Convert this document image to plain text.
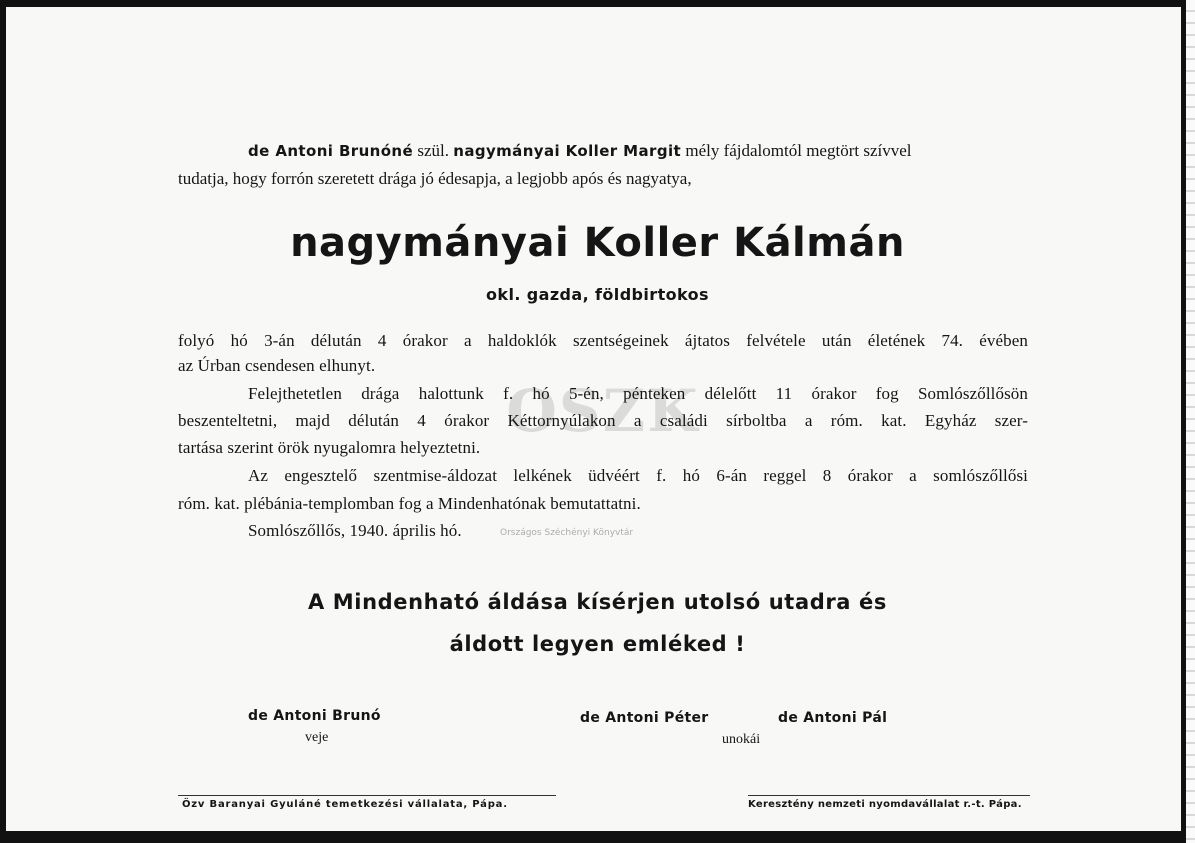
OSZK
Országos Széchényi Könyvtár
de Antoni Brunóné szül. nagymányai Koller Margit mély fájdalomtól megtört szívvel
tudatja, hogy forrón szeretett drága jó édesapja, a legjobb após és nagyatya,
nagymányai Koller Kálmán
okl. gazda, földbirtokos
folyó hó 3-án délután 4 órakor a haldoklók szentségeinek ájtatos felvétele után életének 74. évében
az Úrban csendesen elhunyt.
Felejthetetlen drága halottunk f. hó 5-én, pénteken délelőtt 11 órakor fog Somlószőllősön
beszenteltetni, majd délután 4 órakor Kéttornyúlakon a családi sírboltba a róm. kat. Egyház szer-
tartása szerint örök nyugalomra helyeztetni.
Az engesztelő szentmise-áldozat lelkének üdvéért f. hó 6-án reggel 8 órakor a somlószőllősi
róm. kat. plébánia-templomban fog a Mindenhatónak bemutattatni.
Somlószőllős, 1940. április hó.
A Mindenható áldása kísérjen utolsó utadra és
áldott legyen emléked !
de Antoni Brunó
veje
de Antoni Péter	de Antoni Pál
unokái
Özv Baranyai Gyuláné temetkezési vállalata, Pápa.	Keresztény nemzeti nyomdavállalat r.-t. Pápa.
